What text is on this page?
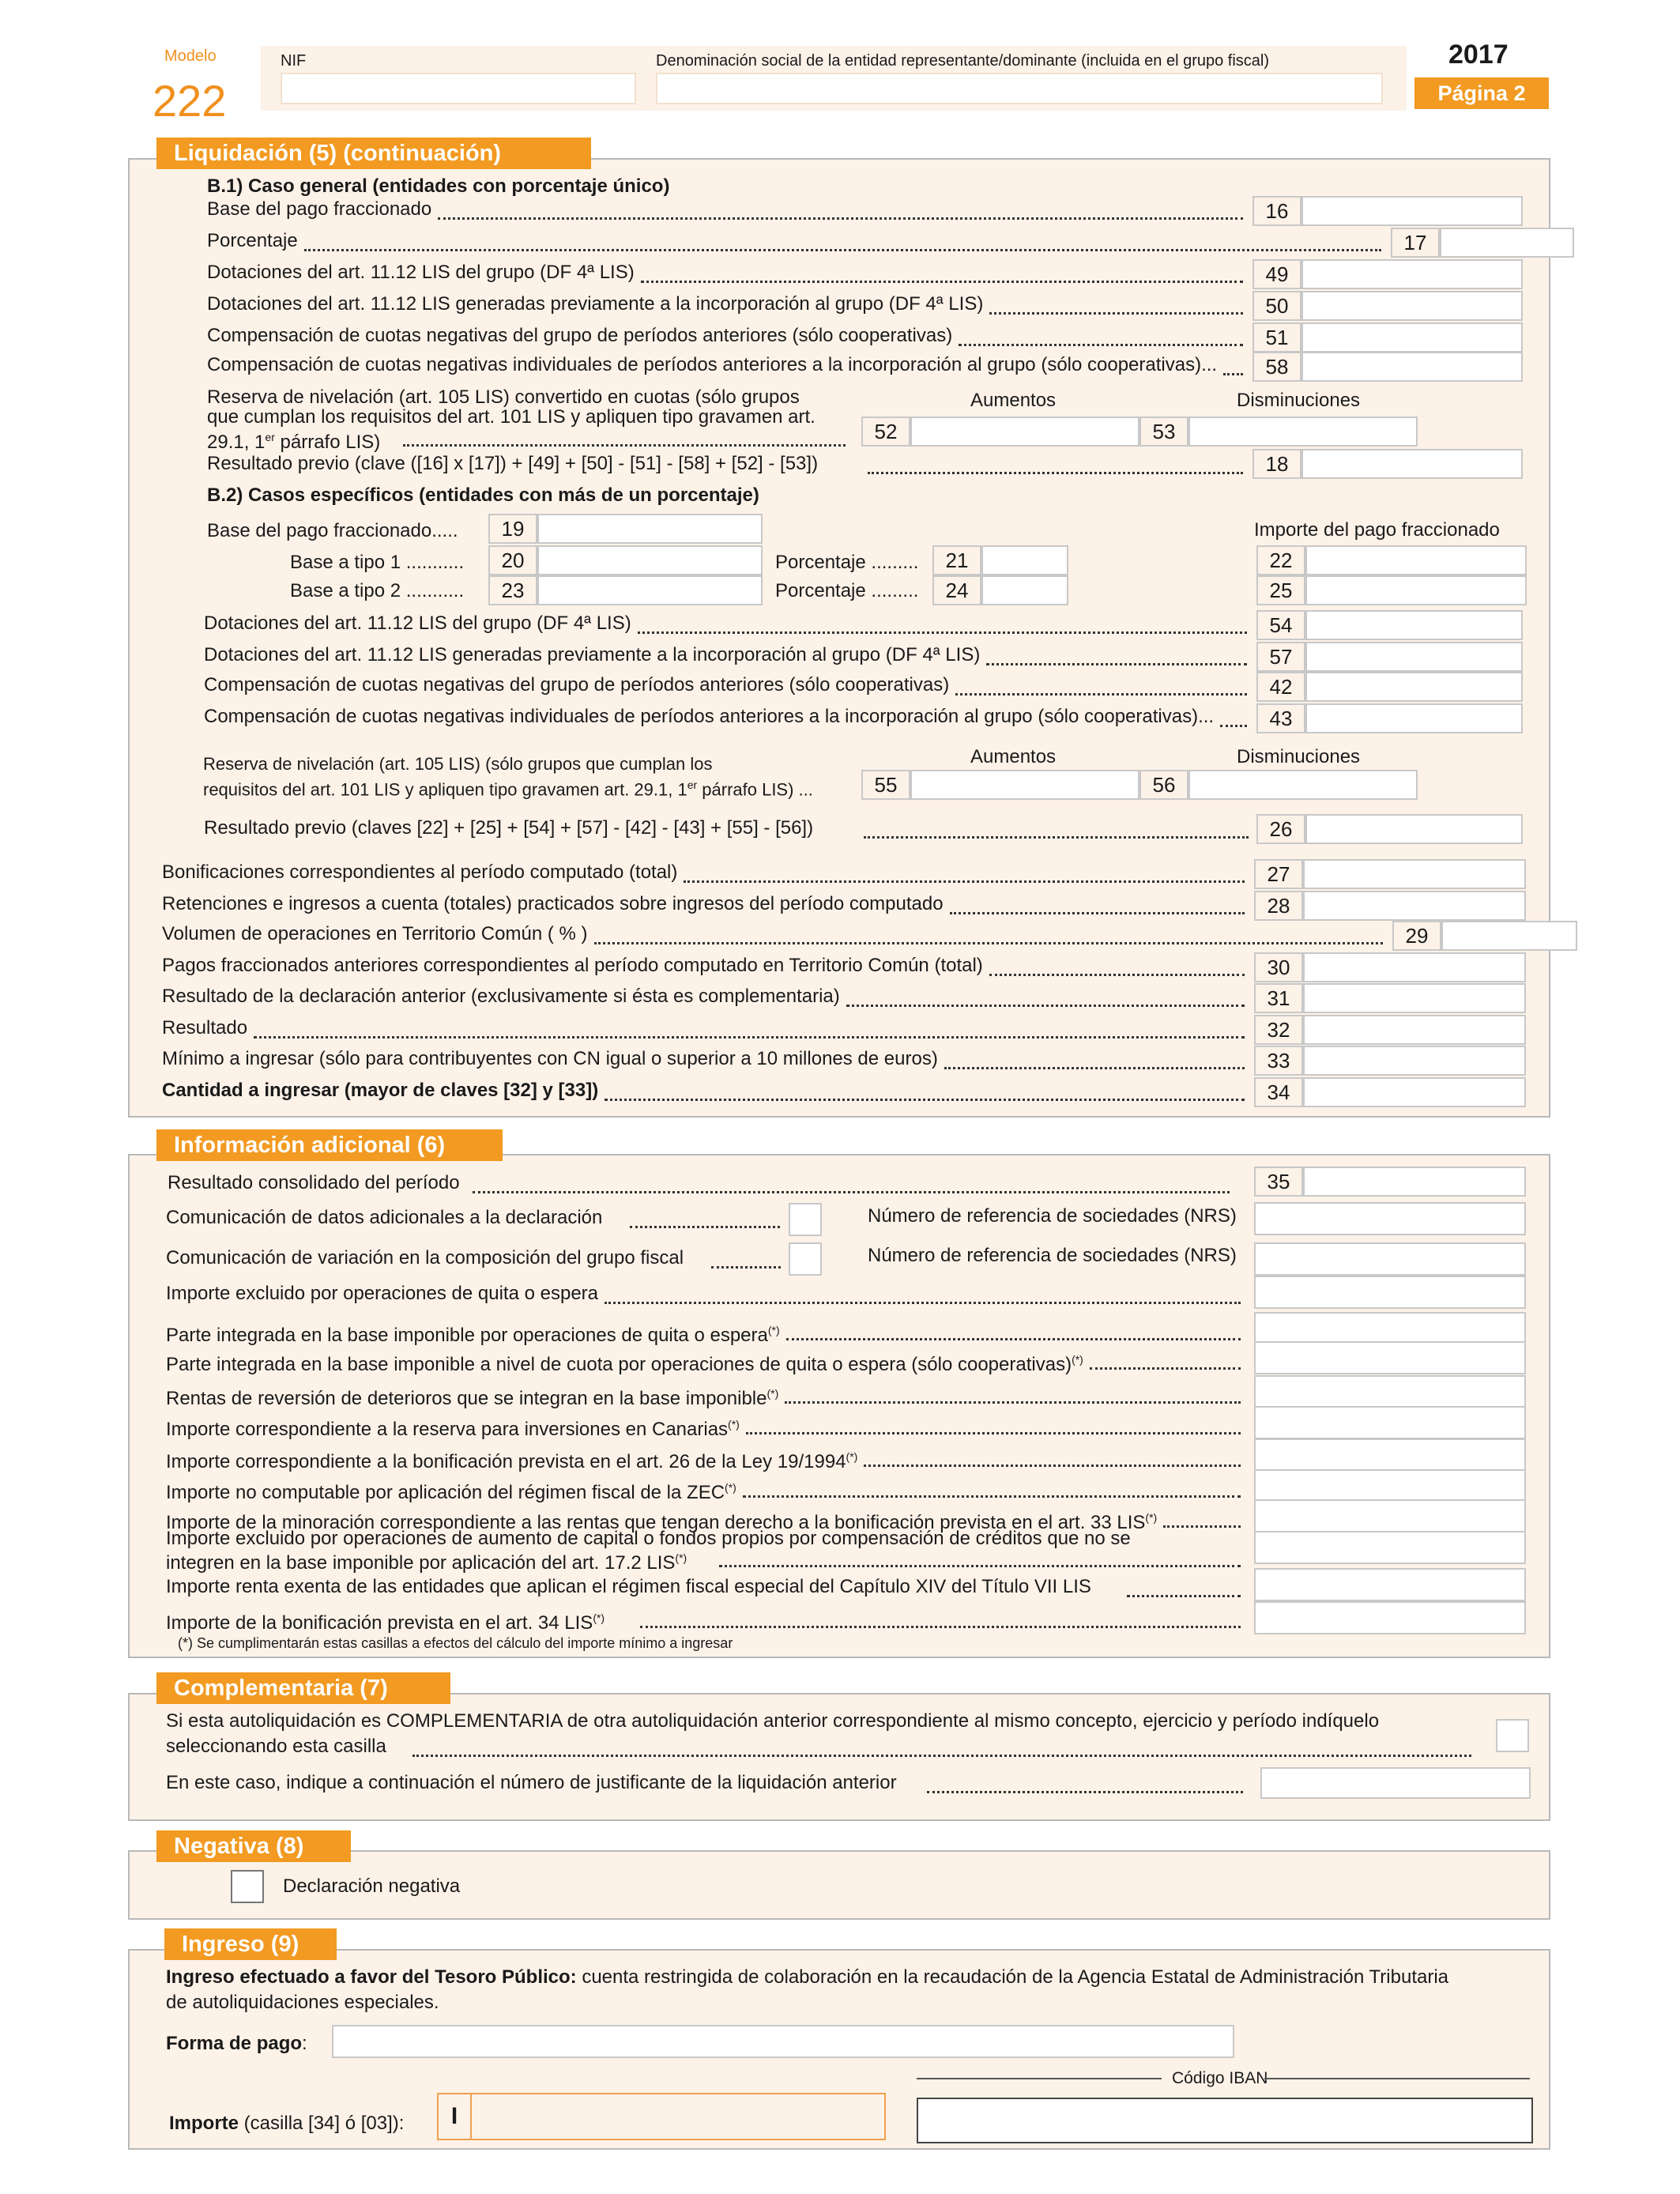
Modelo
222
NIF	Denominación social de la entidad representante/dominante (incluida en el grupo fiscal)	2017
Página 2
Liquidación (5) (continuación)
B.1) Caso general (entidades con porcentaje único)
Base del pago fraccionado	16
Porcentaje	17
Dotaciones del art. 11.12 LIS del grupo (DF 4ª LIS)	49
Dotaciones del art. 11.12 LIS generadas previamente a la incorporación al grupo (DF 4ª LIS)	50
Compensación de cuotas negativas del grupo de períodos anteriores (sólo cooperativas)	51
Compensación de cuotas negativas individuales de períodos anteriores a la incorporación al grupo (sólo cooperativas)...	58
Aumentos	Disminuciones
Reserva de nivelación (art. 105 LIS) convertido en cuotas (sólo grupos
que cumplan los requisitos del art. 101 LIS y apliquen tipo gravamen art.
29.1, 1er párrafo LIS)	52	53
Resultado previo (clave ([16] x [17]) + [49] + [50] - [51] - [58] + [52] - [53])	18
B.2) Casos específicos (entidades con más de un porcentaje)
Base del pago fraccionado.....	19	Importe del pago fraccionado
Base a tipo 1 ...........	20	Porcentaje .........	21	22
Base a tipo 2 ...........	23	Porcentaje .........	24	25
Dotaciones del art. 11.12 LIS del grupo (DF 4ª LIS)	54
Dotaciones del art. 11.12 LIS generadas previamente a la incorporación al grupo (DF 4ª LIS)	57
Compensación de cuotas negativas del grupo de períodos anteriores (sólo cooperativas)	42
Compensación de cuotas negativas individuales de períodos anteriores a la incorporación al grupo (sólo cooperativas)...	43
Aumentos	Disminuciones
Reserva de nivelación (art. 105 LIS) (sólo grupos que cumplan los
requisitos del art. 101 LIS y apliquen tipo gravamen art. 29.1, 1er párrafo LIS) ...	55	56
Resultado previo (claves [22] + [25] + [54] + [57] - [42] - [43] + [55] - [56])	26
Bonificaciones correspondientes al período computado (total)	27
Retenciones e ingresos a cuenta (totales) practicados sobre ingresos del período computado	28
Volumen de operaciones en Territorio Común ( % )	29
Pagos fraccionados anteriores correspondientes al período computado en Territorio Común (total)	30
Resultado de la declaración anterior (exclusivamente si ésta es complementaria)	31
Resultado	32
Mínimo a ingresar (sólo para contribuyentes con CN igual o superior a 10 millones de euros)	33
Cantidad a ingresar (mayor de claves [32] y [33])	34
Información adicional (6)
Resultado consolidado del período	35
Comunicación de datos adicionales a la declaración	Número de referencia de sociedades (NRS)
Comunicación de variación en la composición del grupo fiscal	Número de referencia de sociedades (NRS)
Importe excluido por operaciones de quita o espera
Parte integrada en la base imponible por operaciones de quita o espera(*)
Parte integrada en la base imponible a nivel de cuota por operaciones de quita o espera (sólo cooperativas)(*)
Rentas de reversión de deterioros que se integran en la base imponible(*)
Importe correspondiente a la reserva para inversiones en Canarias(*)
Importe correspondiente a la bonificación prevista en el art. 26 de la Ley 19/1994(*)
Importe no computable por aplicación del régimen fiscal de la ZEC(*)
Importe de la minoración correspondiente a las rentas que tengan derecho a la bonificación prevista en el art. 33 LIS(*)
Importe excluido por operaciones de aumento de capital o fondos propios por compensación de créditos que no se
integren en la base imponible por aplicación del art. 17.2 LIS(*)
Importe renta exenta de las entidades que aplican el régimen fiscal especial del Capítulo XIV del Título VII LIS
Importe de la bonificación prevista en el art. 34 LIS(*)
(*) Se cumplimentarán estas casillas a efectos del cálculo del importe mínimo a ingresar
Complementaria (7)
Si esta autoliquidación es COMPLEMENTARIA de otra autoliquidación anterior correspondiente al mismo concepto, ejercicio y período indíquelo
seleccionando esta casilla
En este caso, indique a continuación el número de justificante de la liquidación anterior
Negativa (8)
Declaración negativa
Ingreso (9)
Ingreso efectuado a favor del Tesoro Público: cuenta restringida de colaboración en la recaudación de la Agencia Estatal de Administración Tributaria
de autoliquidaciones especiales.
Forma de pago:
Código IBAN
Importe (casilla [34] ó [03]):	I
